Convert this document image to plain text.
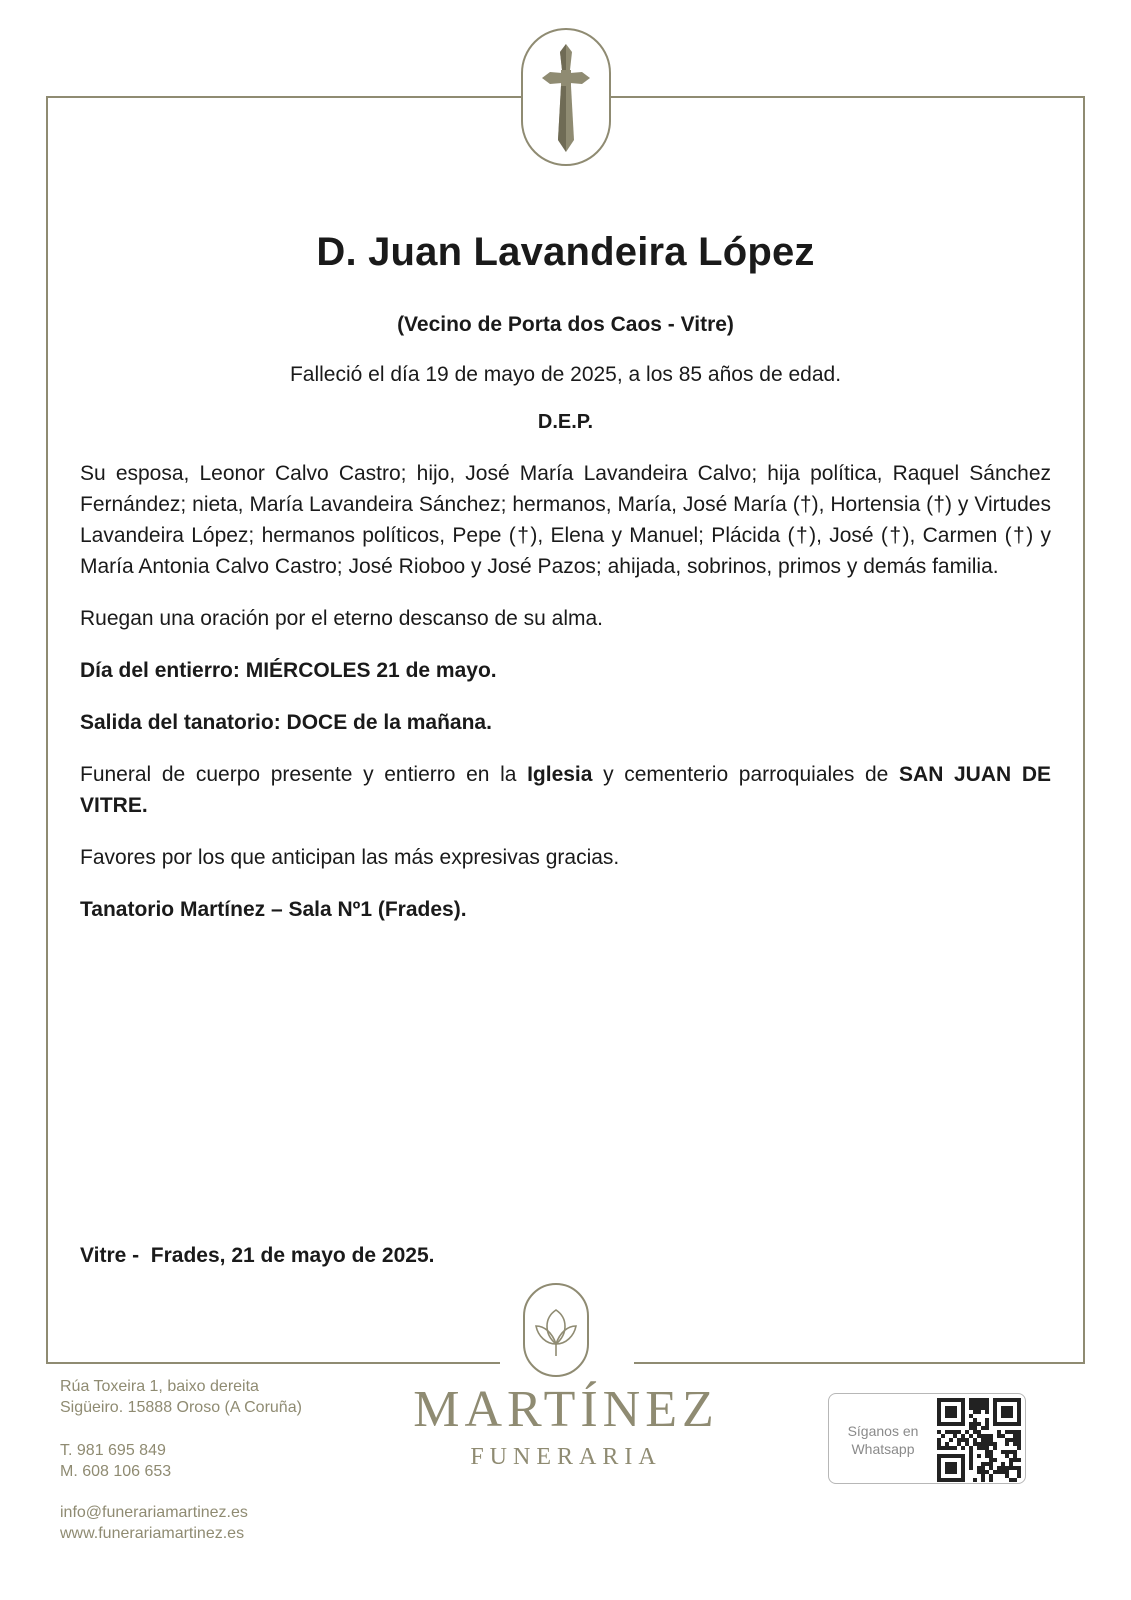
D. Juan Lavandeira López
(Vecino de Porta dos Caos - Vitre)
Falleció el día 19 de mayo de 2025, a los 85 años de edad.
D.E.P.

Su esposa, Leonor Calvo Castro; hijo, José María Lavandeira Calvo; hija política, Raquel Sánchez Fernández; nieta, María Lavandeira Sánchez; hermanos, María, José María (†), Hortensia (†) y Virtudes Lavandeira López; hermanos políticos, Pepe (†), Elena y Manuel; Plácida (†), José (†), Carmen (†) y María Antonia Calvo Castro; José Rioboo y José Pazos; ahijada, sobrinos, primos y demás familia.

Ruegan una oración por el eterno descanso de su alma.

Día del entierro: MIÉRCOLES 21 de mayo.

Salida del tanatorio: DOCE de la mañana.

Funeral de cuerpo presente y entierro en la Iglesia y cementerio parroquiales de SAN JUAN DE VITRE.

Favores por los que anticipan las más expresivas gracias.

Tanatorio Martínez – Sala Nº1 (Frades).

Vitre -  Frades, 21 de mayo de 2025.
MARTÍNEZ
FUNERARIA
Rúa Toxeira 1, baixo dereita
Sigüeiro. 15888 Oroso (A Coruña)
T. 981 695 849
M. 608 106 653
info@funerariamartinez.es
www.funerariamartinez.es
Síganos en
Whatsapp
